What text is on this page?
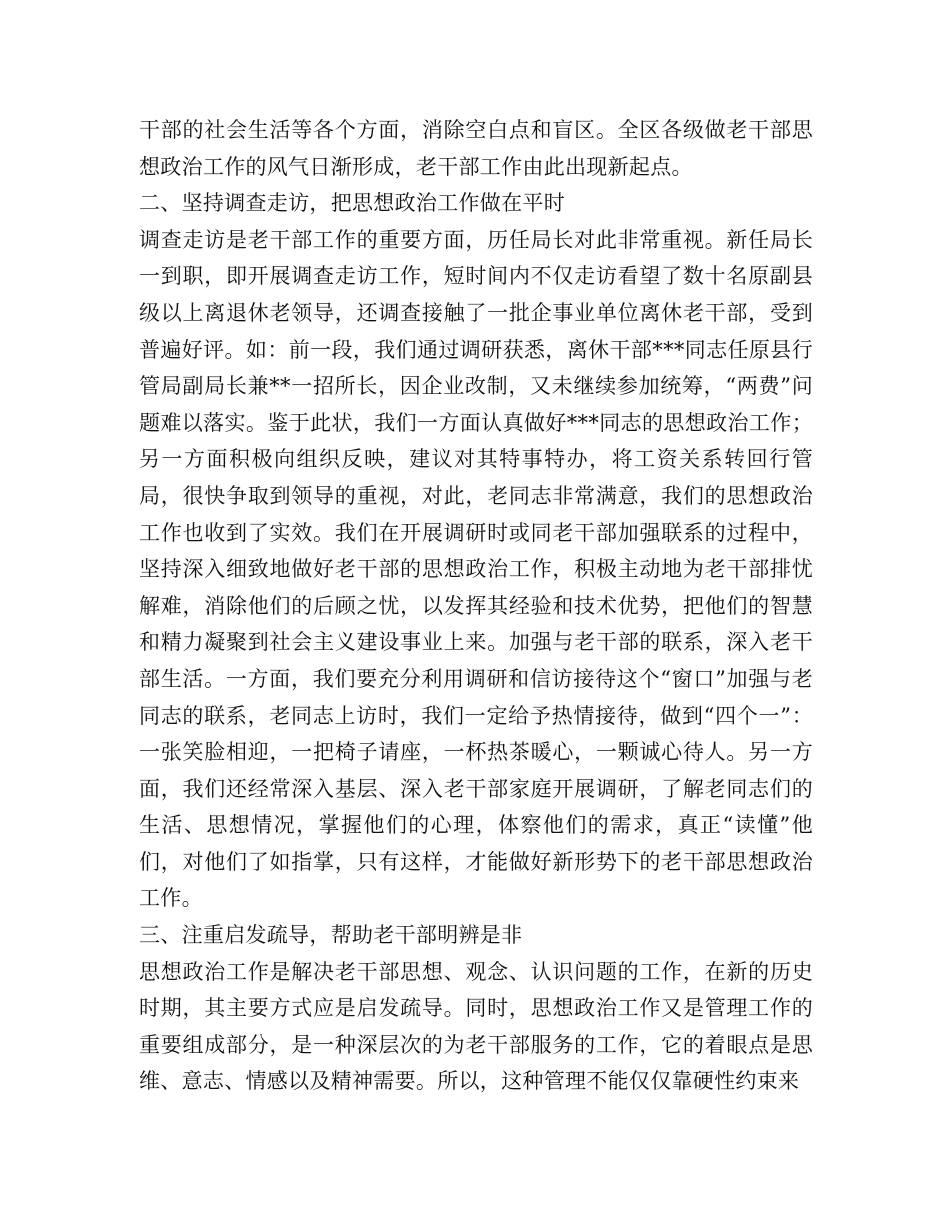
干部的社会生活等各个方面，消除空白点和盲区。全区各级做老干部思想政治工作的风气日渐形成，老干部工作由此出现新起点。

二、坚持调查走访，把思想政治工作做在平时

调查走访是老干部工作的重要方面，历任局长对此非常重视。新任局长一到职，即开展调查走访工作，短时间内不仅走访看望了数十名原副县级以上离退休老领导，还调查接触了一批企事业单位离休老干部，受到普遍好评。如：前一段，我们通过调研获悉，离休干部***同志任原县行管局副局长兼**一招所长，因企业改制，又未继续参加统筹，“两费”问题难以落实。鉴于此状，我们一方面认真做好***同志的思想政治工作；另一方面积极向组织反映，建议对其特事特办，将工资关系转回行管局，很快争取到领导的重视，对此，老同志非常满意，我们的思想政治工作也收到了实效。我们在开展调研时或同老干部加强联系的过程中，坚持深入细致地做好老干部的思想政治工作，积极主动地为老干部排忧解难，消除他们的后顾之忧，以发挥其经验和技术优势，把他们的智慧和精力凝聚到社会主义建设事业上来。加强与老干部的联系，深入老干部生活。一方面，我们要充分利用调研和信访接待这个“窗口”加强与老同志的联系，老同志上访时，我们一定给予热情接待，做到“四个一”：一张笑脸相迎，一把椅子请座，一杯热茶暖心，一颗诚心待人。另一方面，我们还经常深入基层、深入老干部家庭开展调研，了解老同志们的生活、思想情况，掌握他们的心理，体察他们的需求，真正“读懂”他们，对他们了如指掌，只有这样，才能做好新形势下的老干部思想政治工作。

三、注重启发疏导，帮助老干部明辨是非

思想政治工作是解决老干部思想、观念、认识问题的工作，在新的历史时期，其主要方式应是启发疏导。同时，思想政治工作又是管理工作的重要组成部分，是一种深层次的为老干部服务的工作，它的着眼点是思维、意志、情感以及精神需要。所以，这种管理不能仅仅靠硬性约束来
